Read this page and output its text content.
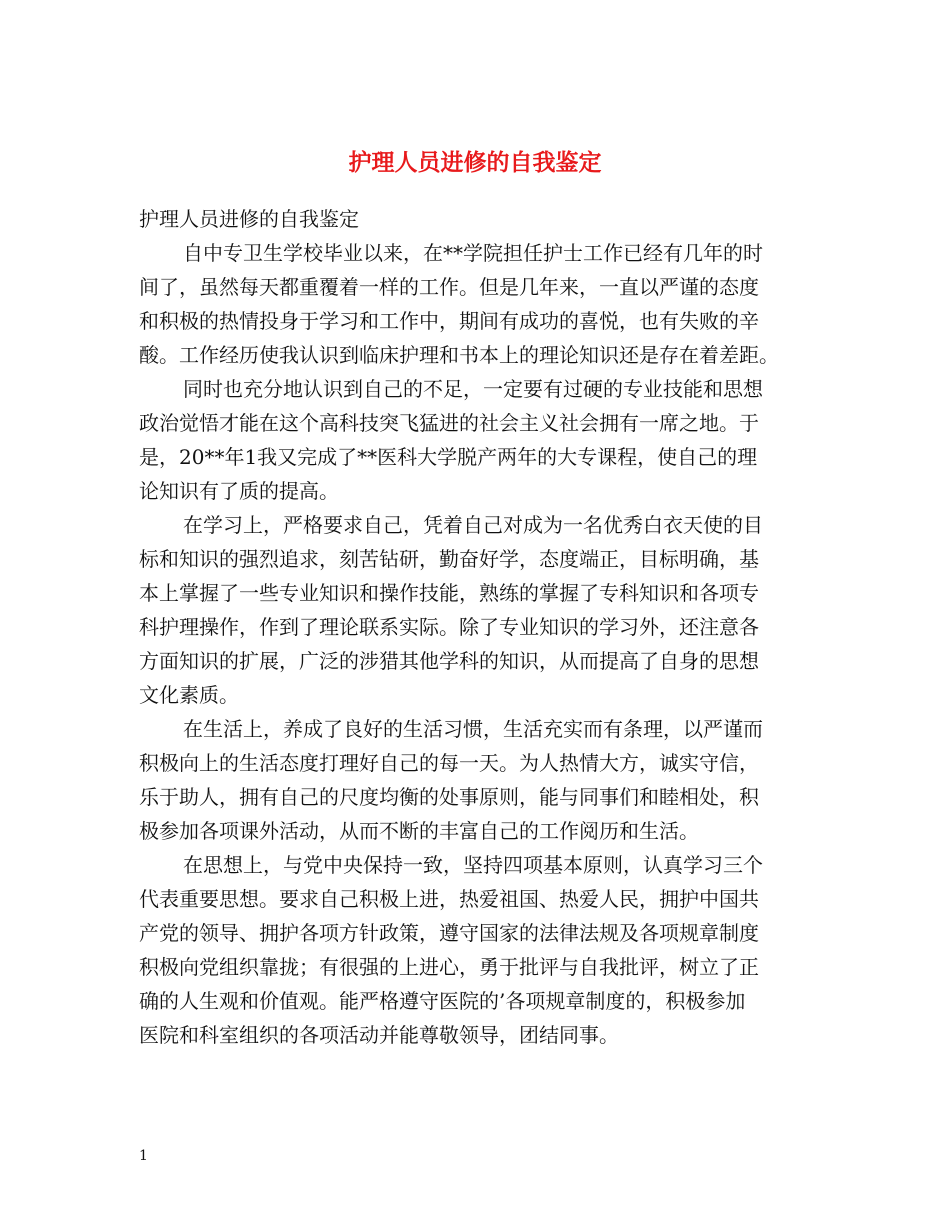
护理人员进修的自我鉴定

护理人员进修的自我鉴定

自中专卫生学校毕业以来，在**学院担任护士工作已经有几年的时
间了，虽然每天都重覆着一样的工作。但是几年来，一直以严谨的态度
和积极的热情投身于学习和工作中，期间有成功的喜悦，也有失败的辛
酸。工作经历使我认识到临床护理和书本上的理论知识还是存在着差距。

同时也充分地认识到自己的不足，一定要有过硬的专业技能和思想
政治觉悟才能在这个高科技突飞猛进的社会主义社会拥有一席之地。于
是，20**年1我又完成了**医科大学脱产两年的大专课程，使自己的理
论知识有了质的提高。

在学习上，严格要求自己，凭着自己对成为一名优秀白衣天使的目
标和知识的强烈追求，刻苦钻研，勤奋好学，态度端正，目标明确，基
本上掌握了一些专业知识和操作技能，熟练的掌握了专科知识和各项专
科护理操作，作到了理论联系实际。除了专业知识的学习外，还注意各
方面知识的扩展，广泛的涉猎其他学科的知识，从而提高了自身的思想
文化素质。

在生活上，养成了良好的生活习惯，生活充实而有条理，以严谨而
积极向上的生活态度打理好自己的每一天。为人热情大方，诚实守信，
乐于助人，拥有自己的尺度均衡的处事原则，能与同事们和睦相处，积
极参加各项课外活动，从而不断的丰富自己的工作阅历和生活。

在思想上，与党中央保持一致，坚持四项基本原则，认真学习三个
代表重要思想。要求自己积极上进，热爱祖国、热爱人民，拥护中国共
产党的领导、拥护各项方针政策，遵守国家的法律法规及各项规章制度
积极向党组织靠拢；有很强的上进心，勇于批评与自我批评，树立了正
确的人生观和价值观。能严格遵守医院的’各项规章制度的，积极参加
医院和科室组织的各项活动并能尊敬领导，团结同事。

1
